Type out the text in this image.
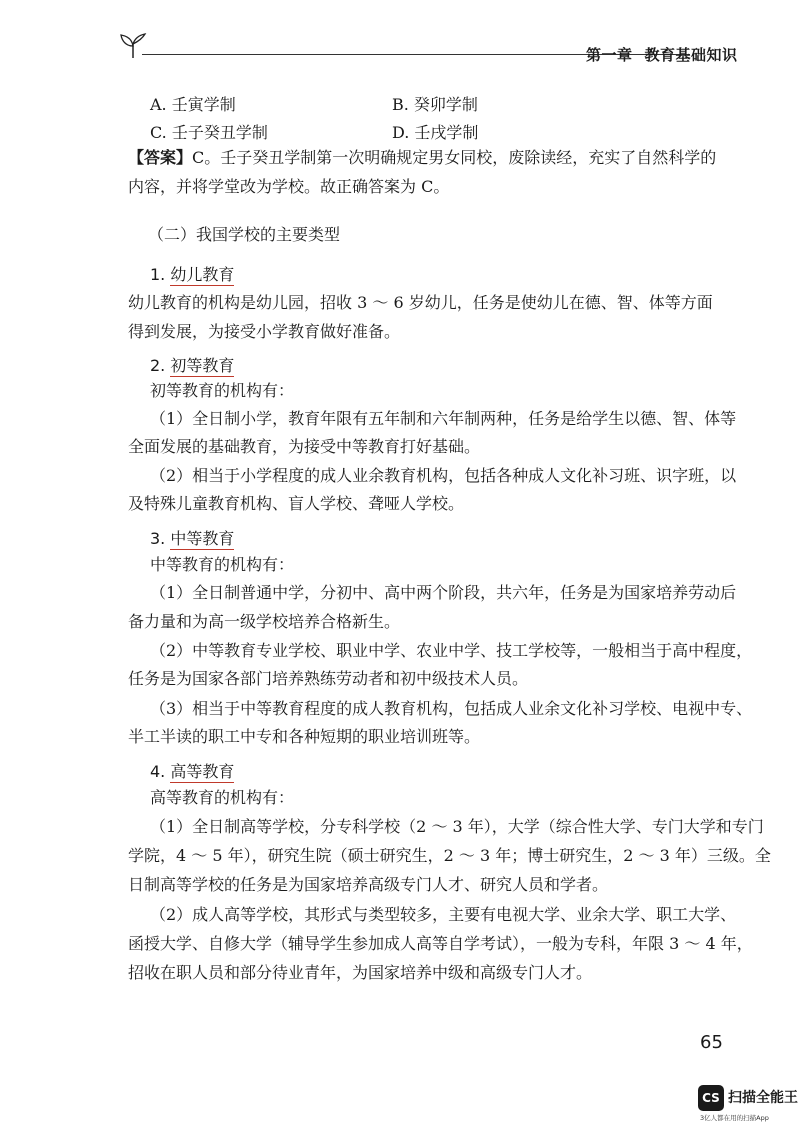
第一章 教育基础知识
A. 壬寅学制	B. 癸卯学制
C. 壬子癸丑学制	D. 壬戌学制
【答案】C。壬子癸丑学制第一次明确规定男女同校，废除读经，充实了自然科学的
内容，并将学堂改为学校。故正确答案为 C。
（二）我国学校的主要类型
1. 幼儿教育
幼儿教育的机构是幼儿园，招收 3 ～ 6 岁幼儿，任务是使幼儿在德、智、体等方面
得到发展，为接受小学教育做好准备。
2. 初等教育
初等教育的机构有：
（1）全日制小学，教育年限有五年制和六年制两种，任务是给学生以德、智、体等
全面发展的基础教育，为接受中等教育打好基础。
（2）相当于小学程度的成人业余教育机构，包括各种成人文化补习班、识字班，以
及特殊儿童教育机构、盲人学校、聋哑人学校。
3. 中等教育
中等教育的机构有：
（1）全日制普通中学，分初中、高中两个阶段，共六年，任务是为国家培养劳动后
备力量和为高一级学校培养合格新生。
（2）中等教育专业学校、职业中学、农业中学、技工学校等，一般相当于高中程度，
任务是为国家各部门培养熟练劳动者和初中级技术人员。
（3）相当于中等教育程度的成人教育机构，包括成人业余文化补习学校、电视中专、
半工半读的职工中专和各种短期的职业培训班等。
4. 高等教育
高等教育的机构有：
（1）全日制高等学校，分专科学校（2 ～ 3 年），大学（综合性大学、专门大学和专门
学院，4 ～ 5 年），研究生院（硕士研究生，2 ～ 3 年；博士研究生，2 ～ 3 年）三级。全
日制高等学校的任务是为国家培养高级专门人才、研究人员和学者。
（2）成人高等学校，其形式与类型较多，主要有电视大学、业余大学、职工大学、
函授大学、自修大学（辅导学生参加成人高等自学考试），一般为专科，年限 3 ～ 4 年，
招收在职人员和部分待业青年，为国家培养中级和高级专门人才。
65
CS 扫描全能王
3亿人都在用的扫描App
